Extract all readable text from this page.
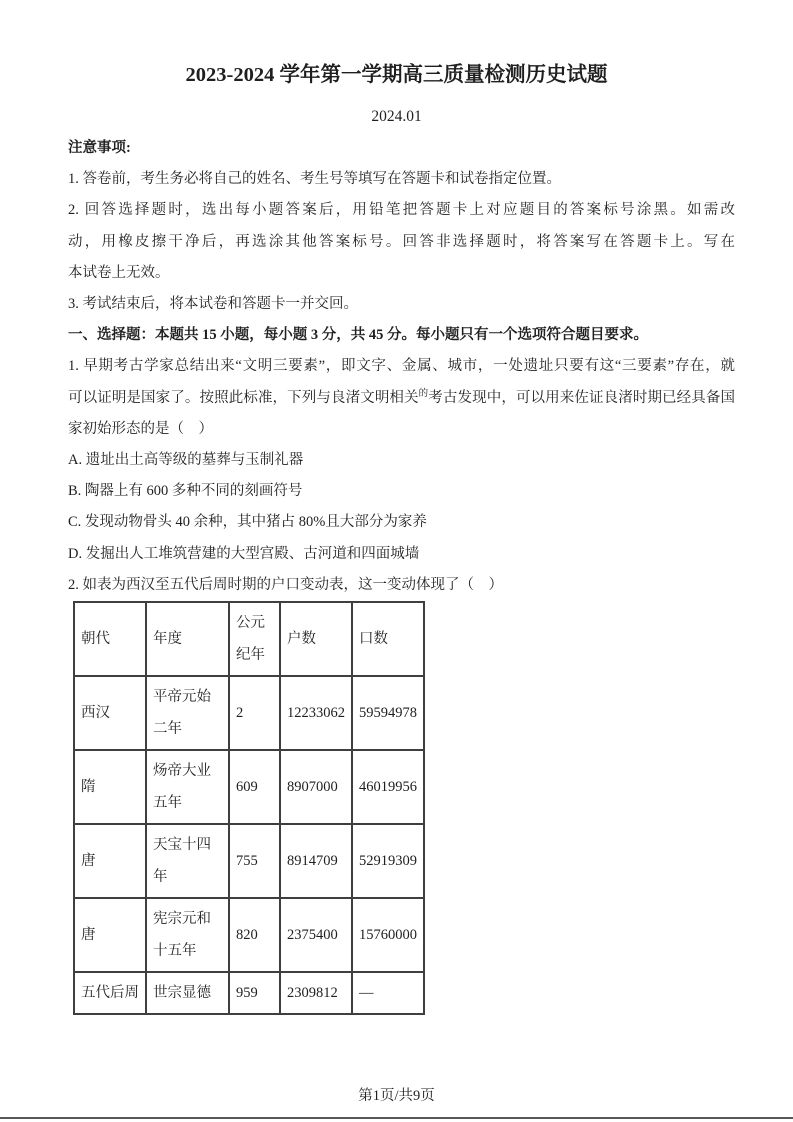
2023-2024 学年第一学期高三质量检测历史试题
2024.01

注意事项:

1. 答卷前，考生务必将自己的姓名、考生号等填写在答题卡和试卷指定位置。

2. 回答选择题时，选出每小题答案后，用铅笔把答题卡上对应题目的答案标号涂黑。如需改

动，用橡皮擦干净后，再选涂其他答案标号。回答非选择题时，将答案写在答题卡上。写在

本试卷上无效。

3. 考试结束后，将本试卷和答题卡一并交回。

一、选择题：本题共 15 小题，每小题 3 分，共 45 分。每小题只有一个选项符合题目要求。

1. 早期考古学家总结出来“文明三要素”，即文字、金属、城市，一处遗址只要有这“三要素”存在，就

可以证明是国家了。按照此标准，下列与良渚文明相关$^的$考古发现中，可以用来佐证良渚时期已经具备国

家初始形态的是（　）

A. 遗址出土高等级的墓葬与玉制礼器

B. 陶器上有 600 多种不同的刻画符号

C. 发现动物骨头 40 余种，其中猪占 80%且大部分为家养

D. 发掘出人工堆筑营建的大型宫殿、古河道和四面城墙

2. 如表为西汉至五代后周时期的户口变动表，这一变动体现了（　）

朝代	年度	公元纪年	户数	口数
西汉	平帝元始二年	2	12233062	59594978
隋	炀帝大业五年	609	8907000	46019956
唐	天宝十四年	755	8914709	52919309
唐	宪宗元和十五年	820	2375400	15760000
五代后周	世宗显德	959	2309812	—
第1页/共9页
